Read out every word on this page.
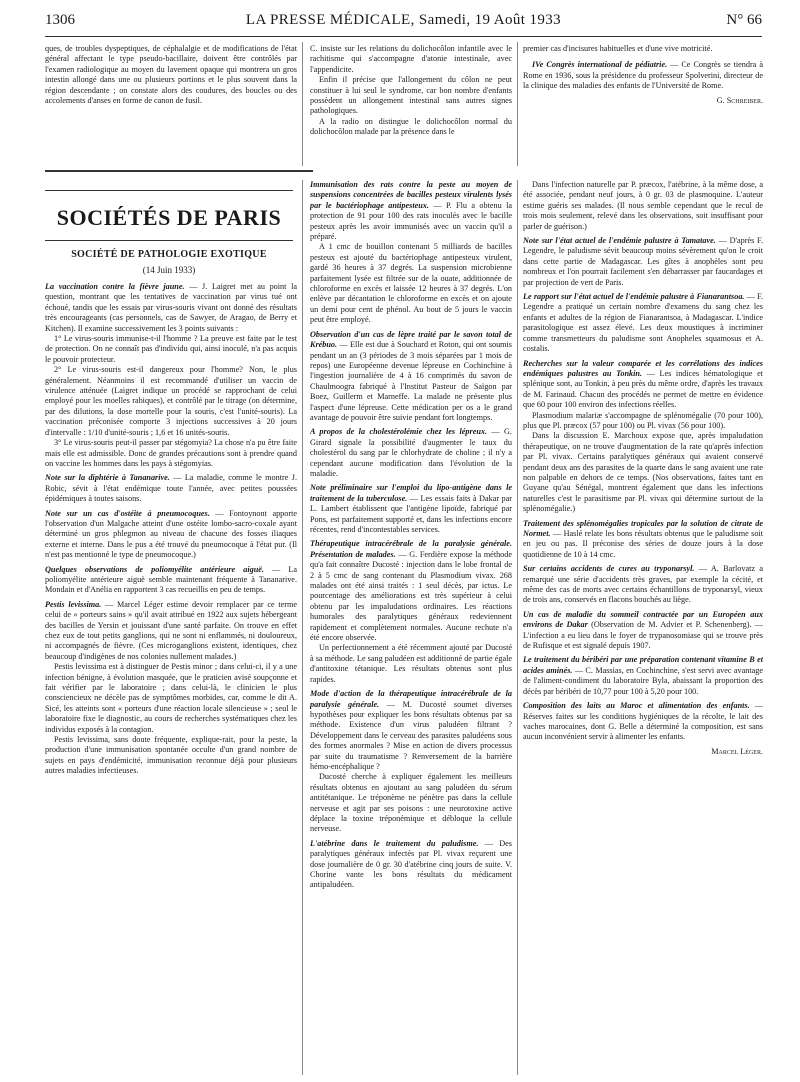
1306	LA PRESSE MÉDICALE, Samedi, 19 Août 1933	N° 66

ques, de troubles dyspeptiques, de céphalalgie et de modifications de l'état général affectant le type pseudo-bacillaire, doivent être contrôlés par l'examen radiologique au moyen du lavement opaque qui montrera un gros intestin allongé dans une ou plusieurs portions et le plus souvent dans la région descendante ; on constate alors des coudures, des boucles ou des accolements d'anses en forme de canon de fusil.

C. insiste sur les relations du dolichocôlon infantile avec le rachitisme qui s'accompagne d'atonie intestinale, avec l'appendicite.

Enfin il précise que l'allongement du côlon ne peut constituer à lui seul le syndrome, car bon nombre d'enfants possèdent un allongement intestinal sans autres signes pathologiques.

A la radio on distingue le dolichocôlon normal du dolichocôlon malade par la présence dans le

premier cas d'incisures habituelles et d'une vive motricité.

IVe Congrès international de pédiatrie. — Ce Congrès se tiendra à Rome en 1936, sous la présidence du professeur Spolverini, directeur de la clinique des maladies des enfants de l'Université de Rome.

G. Schreiber.

SOCIÉTÉS DE PARIS
SOCIÉTÉ DE PATHOLOGIE EXOTIQUE
(14 Juin 1933)

La vaccination contre la fièvre jaune. — J. Laigret met au point la question, montrant que les tentatives de vaccination par virus tué ont échoué, tandis que les essais par virus-souris vivant ont donné des résultats très encourageants (cas personnels, cas de Sawyer, de Aragao, de Berry et Kitchen). Il examine successivement les 3 points suivants :

1° Le virus-souris immunise-t-il l'homme ? La preuve est faite par le test de protection. On ne connaît pas d'individu qui, ainsi inoculé, n'a pas acquis le pouvoir protecteur.

2° Le virus-souris est-il dangereux pour l'homme? Non, le plus généralement. Néanmoins il est recommandé d'utiliser un vaccin de virulence atténuée (Laigret indique un procédé se rapprochant de celui employé pour les moelles rabiques), et contrôlé par le titrage (on détermine, par des dilutions, la dose mortelle pour la souris, c'est l'unité-souris). La vaccination préconisée comporte 3 injections successives à 20 jours d'intervalle : 1/10 d'unité-souris ; 1,6 et 16 unités-souris.

3° Le virus-souris peut-il passer par stégomyia? La chose n'a pu être faite mais elle est admissible. Donc de grandes précautions sont à prendre quand on vaccine les hommes dans les pays à stégomyias.

Note sur la diphtérie à Tananarive. — La maladie, comme le montre J. Robic, sévit à l'état endémique toute l'année, avec petites poussées épidémiques à toutes saisons.

Note sur un cas d'ostéite à pneumocoques. — Fontoynont apporte l'observation d'un Malgache atteint d'une ostéite lombo-sacro-coxale ayant déterminé un gros phlegmon au niveau de chacune des fosses iliaques externe et interne. Dans le pus a été trouvé du pneumocoque à l'état pur. (Il n'est pas mentionné le type de pneumocoque.)

Quelques observations de poliomyélite antérieure aiguë. — La poliomyélite antérieure aiguë semble maintenant fréquente à Tananarive. Mondain et d'Anélia en rapportent 3 cas recueillis en peu de temps.

Pestis levissima. — Marcel Léger estime devoir remplacer par ce terme celui de « porteurs sains » qu'il avait attribué en 1922 aux sujets hébergeant des bacilles de Yersin et jouissant d'une santé parfaite. On trouve en effet chez eux de tout petits ganglions, qui ne sont ni enflammés, ni douloureux, ni accompagnés de fièvre. (Ces microganglions existent, identiques, chez beaucoup d'indigènes de nos colonies nullement malades.)

Pestis levissima est à distinguer de Pestis minor ; dans celui-ci, il y a une infection bénigne, à évolution masquée, que le praticien avisé soupçonne et fait vérifier par le laboratoire ; dans celui-là, le clinicien le plus consciencieux ne décèle pas de symptômes morbides, car, comme le dit A. Sicé, les atteints sont « porteurs d'une réaction locale silencieuse » ; seul le laboratoire fixe le diagnostic, au cours de recherches systématiques chez les individus exposés à la contagion.

Pestis levissima, sans doute fréquente, explique-rait, pour la peste, la production d'une immunisation spontanée occulte d'un grand nombre de sujets en pays d'endémicité, immunisation reconnue déjà pour plusieurs autres maladies infectieuses.

Immunisation des rats contre la peste au moyen de suspensions concentrées de bacilles pesteux virulents lysés par le bactériophage antipesteux. — P. Flu a obtenu la protection de 91 pour 100 des rats inoculés avec le bacille pesteux après les avoir immunisés avec un vaccin qu'il a préparé.

A 1 cmc de bouillon contenant 5 milliards de bacilles pesteux est ajouté du bactériophage antipesteux virulent, gardé 36 heures à 37 degrés. La suspension microbienne parfaitement lysée est filtrée sur de la ouate, additionnée de chloroforme en excès et laissée 12 heures à 37 degrés. L'on enlève par décantation le chloroforme en excès et on ajoute un demi pour cent de phénol. Au bout de 5 jours le vaccin peut être employé.

Observation d'un cas de lèpre traité par le savon total de Krébuo. — Elle est due à Souchard et Roton, qui ont soumis pendant un an (3 périodes de 3 mois séparées par 1 mois de repos) une Européenne devenue lépreuse en Cochinchine à l'ingestion journalière de 4 à 16 comprimés du savon de Chaulmoogra fabriqué à l'Institut Pasteur de Saïgon par Boez, Guillerm et Marneffe. La malade ne présente plus l'aspect d'une lépreuse. Cette médication per os a le grand avantage de pouvoir être suivie pendant fort longtemps.

A propos de la cholestérolémie chez les lépreux. — G. Girard signale la possibilité d'augmenter le taux du cholestérol du sang par le chlorhydrate de choline ; il n'y a cependant aucune modification dans l'évolution de la maladie.

Note préliminaire sur l'emploi du lipo-antigène dans le traitement de la tuberculose. — Les essais faits à Dakar par L. Lambert établissent que l'antigène lipoïde, fabriqué par Pons, est parfaitement supporté et, dans les infections encore récentes, rend d'incontestables services.

Thérapeutique intracérébrale de la paralysie générale. Présentation de malades. — G. Ferdière expose la méthode qu'a fait connaître Ducosté : injection dans le lobe frontal de 2 à 5 cmc de sang contenant du Plasmodium vivax. 268 malades ont été ainsi traités : 1 seul décès, par ictus. Le pourcentage des améliorations est très supérieur à celui obtenu par les impaludations ordinaires. Les réactions humorales des paralytiques généraux redeviennent rapidement et complètement normales. Aucune rechute n'a été encore observée.

Un perfectionnement a été récemment ajouté par Ducosté à sa méthode. Le sang paludéen est additionné de partie égale d'antitoxine tétanique. Les résultats obtenus sont plus rapides.

Mode d'action de la thérapeutique intracérébrale de la paralysie générale. — M. Ducosté soumet diverses hypothèses pour expliquer les bons résultats obtenus par sa méthode. Existence d'un virus paludéen filtrant ? Développement dans le cerveau des parasites paludéens sous des formes anormales ? Mise en action de divers processus par suite du traumatisme ? Renversement de la barrière hémo-encéphalique ?

Ducosté cherche à expliquer également les meilleurs résultats obtenus en ajoutant au sang paludéen du sérum antitétanique. Le tréponème ne pénètre pas dans la cellule nerveuse et agit par ses poisons : une neurotoxine active déplace la toxine tréponémique et débloque la cellule nerveuse.

L'atébrine dans le traitement du paludisme. — Des paralytiques généraux infectés par Pl. vivax reçurent une dose journalière de 0 gr. 30 d'atébrine cinq jours de suite. V. Chorine vante les bons résultats du médicament antipaludéen.

Dans l'infection naturelle par P. præcox, l'atébrine, à la même dose, a été associée, pendant neuf jours, à 0 gr. 03 de plasmoquine. L'auteur estime guéris ses malades. (Il nous semble cependant que le recul de trois mois seulement, relevé dans les observations, soit insuffisant pour parler de guérison.)

Note sur l'état actuel de l'endémie palustre à Tamatave. — D'après F. Legendre, le paludisme sévit beaucoup moins sévèrement qu'on le croit dans cette partie de Madagascar. Les gîtes à anophèles sont peu nombreux et l'on pourrait facilement s'en débarrasser par faucardages et par projection de vert de Paris.

Le rapport sur l'état actuel de l'endémie palustre à Fianarantsoa. — F. Legendre a pratiqué un certain nombre d'examens du sang chez les enfants et adultes de la région de Fianarantsoa, à Madagascar. L'indice parasitologique est assez élevé. Les deux moustiques à incriminer comme transmetteurs du paludisme sont Anopheles squamosus et A. costalis.

Recherches sur la valeur comparée et les corrélations des indices endémiques palustres au Tonkin. — Les indices hématologique et splénique sont, au Tonkin, à peu près du même ordre, d'après les travaux de M. Farinaud. Chacun des procédés ne permet de mettre en évidence que 60 pour 100 environ des infections réelles.

Plasmodium malariæ s'accompagne de splénomégalie (70 pour 100), plus que Pl. præcox (57 pour 100) ou Pl. vivax (56 pour 100).

Dans la discussion E. Marchoux expose que, après impaludation thérapeutique, on ne trouve d'augmentation de la rate qu'après infection par Pl. vivax. Certains paralytiques généraux qui avaient conservé pendant deux ans des parasites de la quarte dans le sang avaient une rate non palpable en dehors de ce temps. (Nos observations, faites tant en Guyane qu'au Sénégal, montrent également que dans les infections naturelles c'est le parasitisme par Pl. vivax qui détermine surtout de la splénomégalie.)

Traitement des splénomégalies tropicales par la solution de citrate de Normet. — Haslé relate les bons résultats obtenus que le paludisme soit en jeu ou pas. Il préconise des séries de douze jours à la dose quotidienne de 10 à 14 cmc.

Sur certains accidents de cures au tryponarsyl. — A. Barlovatz a remarqué une série d'accidents très graves, par exemple la cécité, et même des cas de morts avec certains échantillons de tryponarsyl, vieux de trois ans, conservés en flacons bouchés au liège.

Un cas de maladie du sommeil contractée par un Européen aux environs de Dakar (Observation de M. Advier et P. Schenenberg). — L'infection a eu lieu dans le foyer de trypanosomiase qui se trouve près de Rufisque et est signalé depuis 1907.

Le traitement du béribéri par une préparation contenant vitamine B et acides aminés. — C. Massias, en Cochinchine, s'est servi avec avantage de l'aliment-condiment du laboratoire Byla, abaissant la proportion des décès par béribéri de 10,77 pour 100 à 5,20 pour 100.

Composition des laits au Maroc et alimentation des enfants. — Réserves faites sur les conditions hygiéniques de la récolte, le lait des vaches marocaines, dont G. Belle a déterminé la composition, est sans aucun inconvénient servir à alimenter les enfants.

Marcel Léger.
